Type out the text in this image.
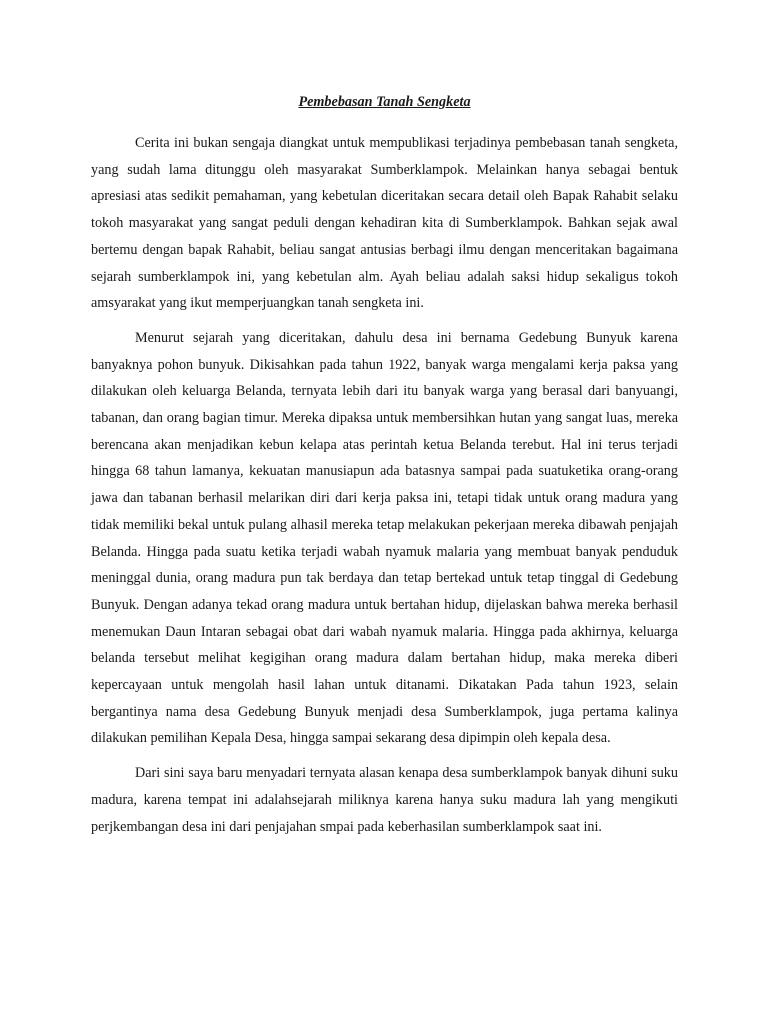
Pembebasan Tanah Sengketa

Cerita ini bukan sengaja diangkat untuk mempublikasi terjadinya pembebasan tanah sengketa, yang sudah lama ditunggu oleh masyarakat Sumberklampok. Melainkan hanya sebagai bentuk apresiasi atas sedikit pemahaman, yang kebetulan diceritakan secara detail oleh Bapak Rahabit selaku tokoh masyarakat yang sangat peduli dengan kehadiran kita di Sumberklampok. Bahkan sejak awal bertemu dengan bapak Rahabit, beliau sangat antusias berbagi ilmu dengan menceritakan bagaimana sejarah sumberklampok ini, yang kebetulan alm. Ayah beliau adalah saksi hidup sekaligus tokoh amsyarakat yang ikut memperjuangkan tanah sengketa ini.

Menurut sejarah yang diceritakan, dahulu desa ini bernama Gedebung Bunyuk karena banyaknya pohon bunyuk. Dikisahkan pada tahun 1922, banyak warga mengalami kerja paksa yang dilakukan oleh keluarga Belanda, ternyata lebih dari itu banyak warga yang berasal dari banyuangi, tabanan, dan orang bagian timur. Mereka dipaksa untuk membersihkan hutan yang sangat luas, mereka berencana akan menjadikan kebun kelapa atas perintah ketua Belanda terebut. Hal ini terus terjadi hingga 68 tahun lamanya, kekuatan manusiapun ada batasnya sampai pada suatuketika orang-orang jawa dan tabanan berhasil melarikan diri dari kerja paksa ini, tetapi tidak untuk orang madura yang tidak memiliki bekal untuk pulang alhasil mereka tetap melakukan pekerjaan mereka dibawah penjajah Belanda. Hingga pada suatu ketika terjadi wabah nyamuk malaria yang membuat banyak penduduk meninggal dunia, orang madura pun tak berdaya dan tetap bertekad untuk tetap tinggal di Gedebung Bunyuk. Dengan adanya tekad orang madura untuk bertahan hidup, dijelaskan bahwa mereka berhasil menemukan Daun Intaran sebagai obat dari wabah nyamuk malaria. Hingga pada akhirnya, keluarga belanda tersebut melihat kegigihan orang madura dalam bertahan hidup, maka mereka diberi kepercayaan untuk mengolah hasil lahan untuk ditanami. Dikatakan Pada tahun 1923, selain bergantinya nama desa Gedebung Bunyuk menjadi desa Sumberklampok, juga pertama kalinya dilakukan pemilihan Kepala Desa, hingga sampai sekarang desa dipimpin oleh kepala desa.

Dari sini saya baru menyadari ternyata alasan kenapa desa sumberklampok banyak dihuni suku madura, karena tempat ini adalahsejarah miliknya karena hanya suku madura lah yang mengikuti perjkembangan desa ini dari penjajahan smpai pada keberhasilan sumberklampok saat ini.
